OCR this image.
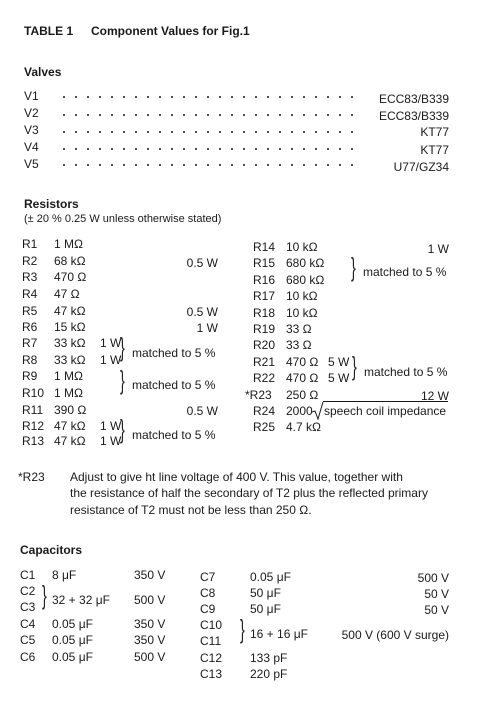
TABLE 1 Component Values for Fig.1
Valves
V1	ECC83/B339
V2	ECC83/B339
V3	KT77
V4	KT77
V5	U77/GZ34
Resistors
(± 20 % 0.25 W unless otherwise stated)
R1 1 MΩ
R2 68 kΩ	0.5 W
R3 470 Ω
R4 47 Ω
R5 47 kΩ	0.5 W
R6 15 kΩ	1 W
R7 33 kΩ 1 W
R8 33 kΩ 1 W
} matched to 5 %
R9 1 MΩ
R10 1 MΩ } matched to 5 %
R11 390 Ω	0.5 W
R12 47 kΩ 1 W
R13 47 kΩ 1 W
} matched to 5 %
R14 10 kΩ	1 W
R15 680 kΩ
R16 680 kΩ } matched to 5 %
R17 10 kΩ
R18 10 kΩ
R19 33 Ω
R20 33 Ω
R21 470 Ω 5 W
R22 470 Ω 5 W } matched to 5 %
*R23 250 Ω	12 W
R24 2000 speech coil impedance
R25 4.7 kΩ
*R23 Adjust to give ht line voltage of 400 V. This value, together with
the resistance of half the secondary of T2 plus the reflected primary
resistance of T2 must not be less than 250 Ω.
Capacitors
C1 8 μF	350 V
C2
C3 } 32 + 32 μF 500 V
C4 0.05 μF	350 V
C5 0.05 μF	350 V
C6 0.05 μF	500 V
C7	0.05 μF	500 V
C8	50 μF	50 V
C9	50 μF	50 V
C10
C11 } 16 + 16 μF	500 V (600 V surge)
C12 133 pF
C13 220 pF
